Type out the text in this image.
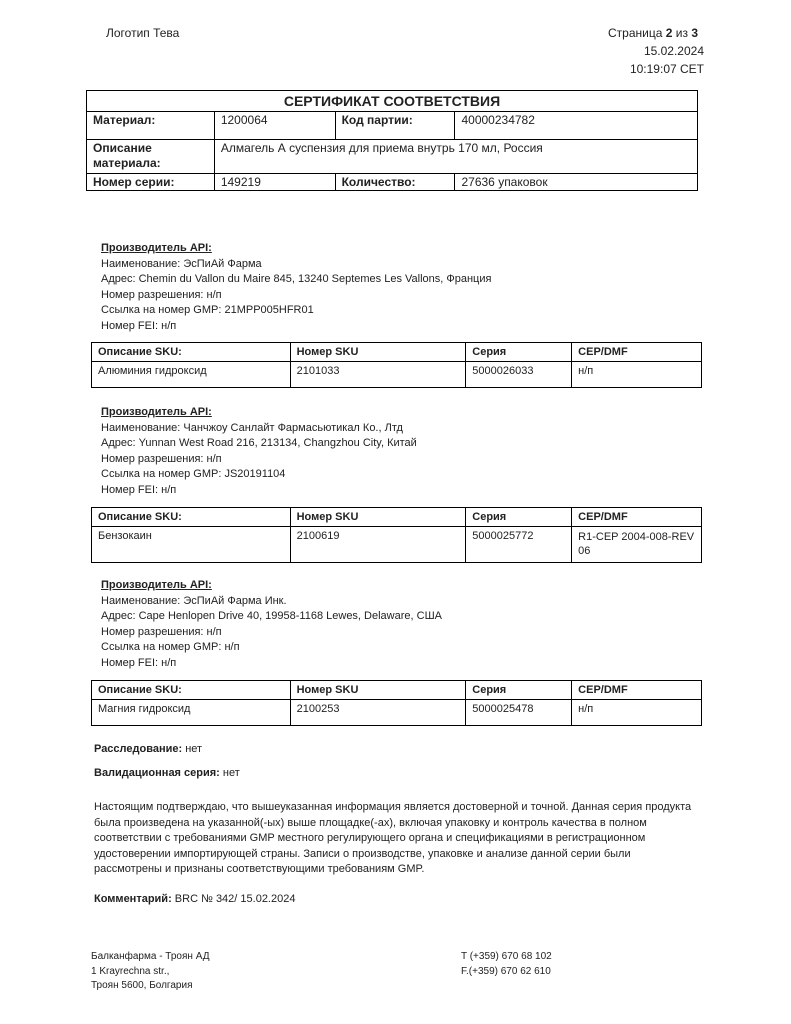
Логотип Тева	Страница 2 из 3
15.02.2024
10:19:07 CET
СЕРТИФИКАТ СООТВЕТСТВИЯ			
Материал:	1200064	Код партии:	40000234782
Описание материала:	Алмагель А суспензия для приема внутрь 170 мл, Россия		
Номер серии:	149219	Количество:	27636 упаковок
Производитель API:
Наименование: ЭсПиАй Фарма
Адрес: Chemin du Vallon du Maire 845, 13240 Septemes Les Vallons, Франция
Номер разрешения: н/п
Ссылка на номер GMP: 21MPP005HFR01
Номер FEI: н/п
Описание SKU:	Номер SKU	Серия	CEP/DMF
Алюминия гидроксид	2101033	5000026033	н/п
Производитель API:
Наименование: Чанчжоу Санлайт Фармасьютикал Ко., Лтд
Адрес: Yunnan West Road 216, 213134, Changzhou City, Китай
Номер разрешения: н/п
Ссылка на номер GMP: JS20191104
Номер FEI: н/п
Описание SKU:	Номер SKU	Серия	CEP/DMF
Бензокаин	2100619	5000025772	R1-CEP 2004-008-REV 06
Производитель API:
Наименование: ЭсПиАй Фарма Инк.
Адрес: Cape Henlopen Drive 40, 19958-1168 Lewes, Delaware, США
Номер разрешения: н/п
Ссылка на номер GMP: н/п
Номер FEI: н/п
Описание SKU:	Номер SKU	Серия	CEP/DMF
Магния гидроксид	2100253	5000025478	н/п
Расследование: нет
Валидационная серия: нет
Настоящим подтверждаю, что вышеуказанная информация является достоверной и точной. Данная серия продукта была произведена на указанной(-ых) выше площадке(-ах), включая упаковку и контроль качества в полном соответствии с требованиями GMP местного регулирующего органа и спецификациями в регистрационном удостоверении импортирующей страны. Записи о производстве, упаковке и анализе данной серии были рассмотрены и признаны соответствующими требованиям GMP.
Комментарий: BRC № 342/ 15.02.2024
Балканфарма - Троян АД
1 Krayrechna str.,
Троян 5600, Болгария
T (+359) 670 68 102
F.(+359) 670 62 610
